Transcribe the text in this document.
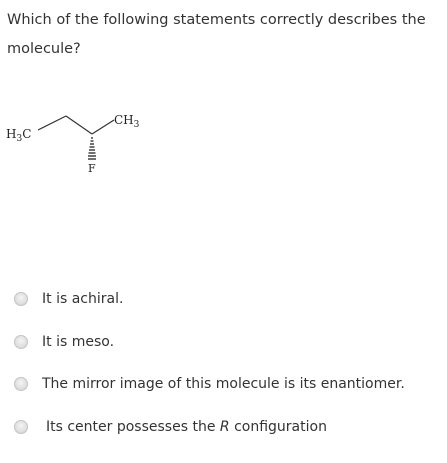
Which of the following statements correctly describes the molecule?
$H_3C$
$CH_3$
F
It is achiral.
It is meso.
The mirror image of this molecule is its enantiomer.
Its center possesses the R configuration
